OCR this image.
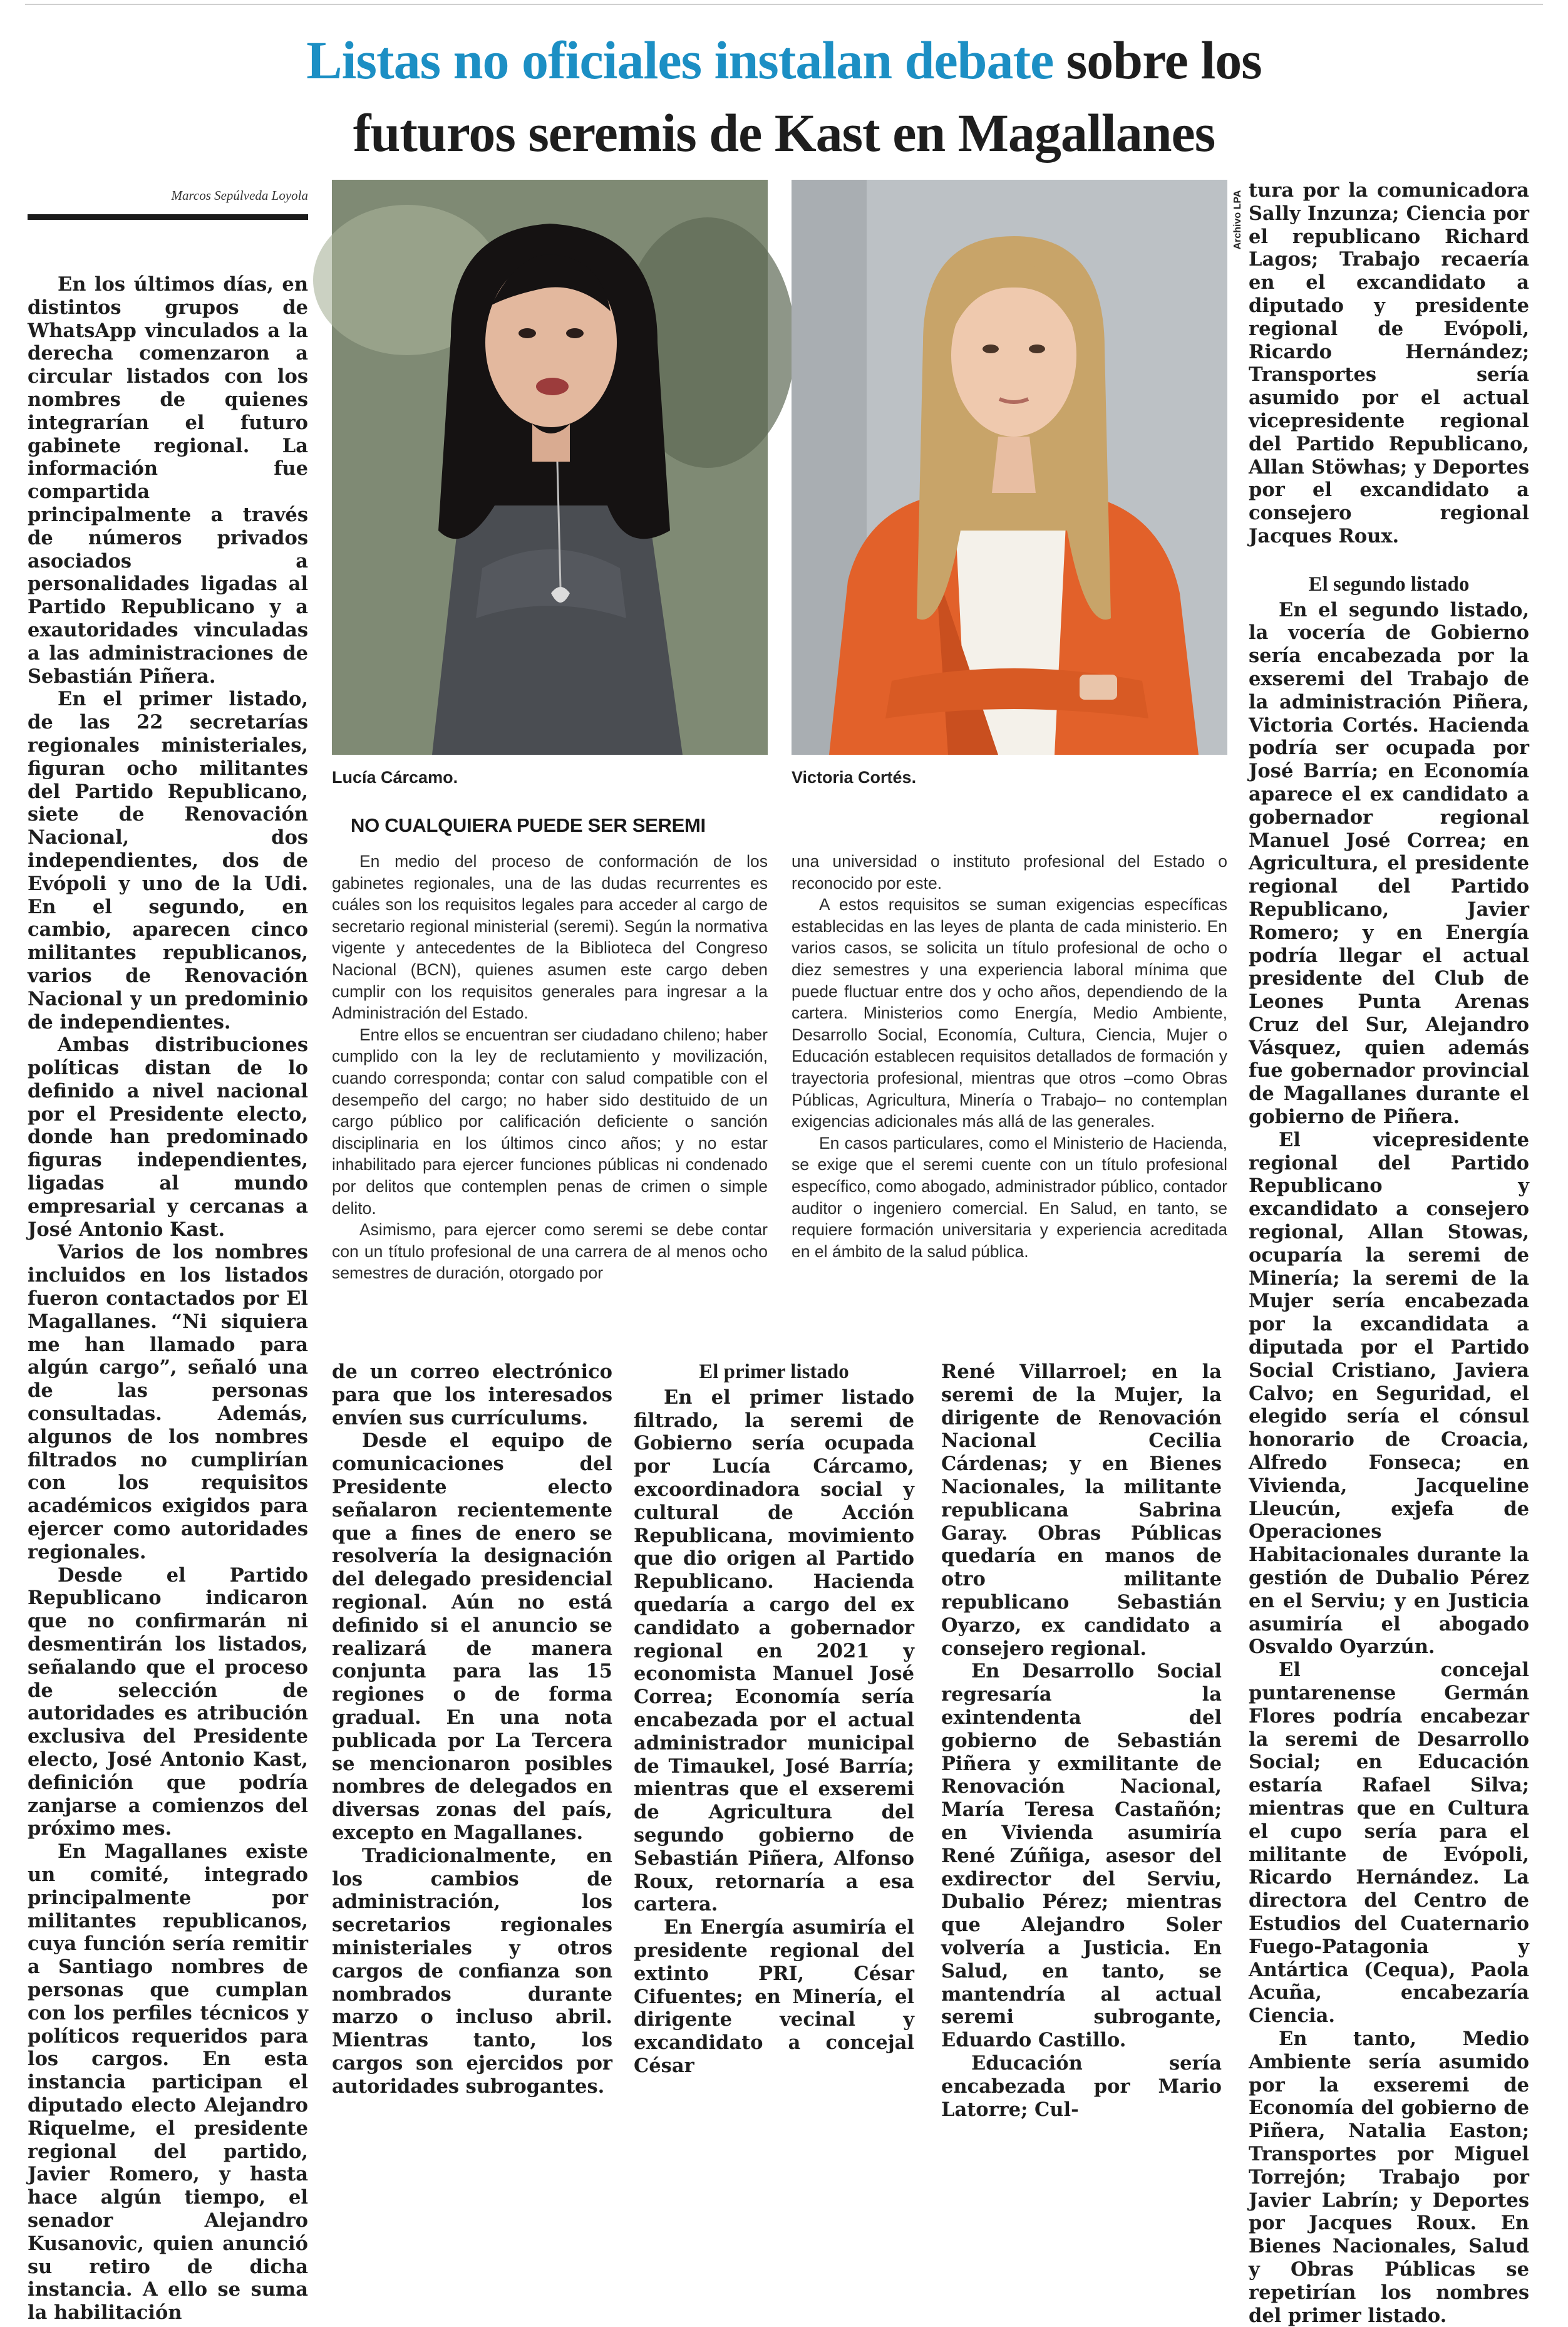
Listas no oficiales instalan debate sobre los
futuros seremis de Kast en Magallanes
Marcos Sepúlveda Loyola

En los últimos días, en distintos grupos de WhatsApp vinculados a la derecha comenzaron a circular listados con los nombres de quienes integrarían el futuro gabinete regional. La información fue compartida principalmente a través de números privados asociados a personalidades ligadas al Partido Republicano y a exautoridades vinculadas a las administraciones de Sebastián Piñera.

En el primer listado, de las 22 secretarías regionales ministeriales, figuran ocho militantes del Partido Republicano, siete de Renovación Nacional, dos independientes, dos de Evópoli y uno de la Udi. En el segundo, en cambio, aparecen cinco militantes republicanos, varios de Renovación Nacional y un predominio de independientes.

Ambas distribuciones políticas distan de lo definido a nivel nacional por el Presidente electo, donde han predominado figuras independientes, ligadas al mundo empresarial y cercanas a José Antonio Kast.

Varios de los nombres incluidos en los listados fueron contactados por El Magallanes. “Ni siquiera me han llamado para algún cargo”, señaló una de las personas consultadas. Además, algunos de los nombres filtrados no cumplirían con los requisitos académicos exigidos para ejercer como autoridades regionales.

Desde el Partido Republicano indicaron que no confirmarán ni desmentirán los listados, señalando que el proceso de selección de autoridades es atribución exclusiva del Presidente electo, José Antonio Kast, definición que podría zanjarse a comienzos del próximo mes.

En Magallanes existe un comité, integrado principalmente por militantes republicanos, cuya función sería remitir a Santiago nombres de personas que cumplan con los perfiles técnicos y políticos requeridos para los cargos. En esta instancia participan el diputado electo Alejandro Riquelme, el presidente regional del partido, Javier Romero, y hasta hace algún tiempo, el senador Alejandro Kusanovic, quien anunció su retiro de dicha instancia. A ello se suma la habilitación

Archivo LPA
Lucía Cárcamo.	Victoria Cortés.
NO CUALQUIERA PUEDE SER SEREMI

En medio del proceso de conformación de los gabinetes regionales, una de las dudas recurrentes es cuáles son los requisitos legales para acceder al cargo de secretario regional ministerial (seremi). Según la normativa vigente y antecedentes de la Biblioteca del Congreso Nacional (BCN), quienes asumen este cargo deben cumplir con los requisitos generales para ingresar a la Administración del Estado.

Entre ellos se encuentran ser ciudadano chileno; haber cumplido con la ley de reclutamiento y movilización, cuando corresponda; contar con salud compatible con el desempeño del cargo; no haber sido destituido de un cargo público por calificación deficiente o sanción disciplinaria en los últimos cinco años; y no estar inhabilitado para ejercer funciones públicas ni condenado por delitos que contemplen penas de crimen o simple delito.

Asimismo, para ejercer como seremi se debe contar con un título profesional de una carrera de al menos ocho semestres de duración, otorgado por

una universidad o instituto profesional del Estado o reconocido por este.

A estos requisitos se suman exigencias específicas establecidas en las leyes de planta de cada ministerio. En varios casos, se solicita un título profesional de ocho o diez semestres y una experiencia laboral mínima que puede fluctuar entre dos y ocho años, dependiendo de la cartera. Ministerios como Energía, Medio Ambiente, Desarrollo Social, Economía, Cultura, Ciencia, Mujer o Educación establecen requisitos detallados de formación y trayectoria profesional, mientras que otros –como Obras Públicas, Agricultura, Minería o Trabajo– no contemplan exigencias adicionales más allá de las generales.

En casos particulares, como el Ministerio de Hacienda, se exige que el seremi cuente con un título profesional específico, como abogado, administrador público, contador auditor o ingeniero comercial. En Salud, en tanto, se requiere formación universitaria y experiencia acreditada en el ámbito de la salud pública.

de un correo electrónico para que los interesados envíen sus currículums.

Desde el equipo de comunicaciones del Presidente electo señalaron recientemente que a fines de enero se resolvería la designación del delegado presidencial regional. Aún no está definido si el anuncio se realizará de manera conjunta para las 15 regiones o de forma gradual. En una nota publicada por La Tercera se mencionaron posibles nombres de delegados en diversas zonas del país, excepto en Magallanes.

Tradicionalmente, en los cambios de administración, los secretarios regionales ministeriales y otros cargos de confianza son nombrados durante marzo o incluso abril. Mientras tanto, los cargos son ejercidos por autoridades subrogantes.

El primer listado

En el primer listado filtrado, la seremi de Gobierno sería ocupada por Lucía Cárcamo, excoordinadora social y cultural de Acción Republicana, movimiento que dio origen al Partido Republicano. Hacienda quedaría a cargo del ex candidato a gobernador regional en 2021 y economista Manuel José Correa; Economía sería encabezada por el actual administrador municipal de Timaukel, José Barría; mientras que el exseremi de Agricultura del segundo gobierno de Sebastián Piñera, Alfonso Roux, retornaría a esa cartera.

En Energía asumiría el presidente regional del extinto PRI, César Cifuentes; en Minería, el dirigente vecinal y excandidato a concejal César

René Villarroel; en la seremi de la Mujer, la dirigente de Renovación Nacional Cecilia Cárdenas; y en Bienes Nacionales, la militante republicana Sabrina Garay. Obras Públicas quedaría en manos de otro militante republicano Sebastián Oyarzo, ex candidato a consejero regional.

En Desarrollo Social regresaría la exintendenta del gobierno de Sebastián Piñera y exmilitante de Renovación Nacional, María Teresa Castañón; en Vivienda asumiría René Zúñiga, asesor del exdirector del Serviu, Dubalio Pérez; mientras que Alejandro Soler volvería a Justicia. En Salud, en tanto, se mantendría al actual seremi subrogante, Eduardo Castillo.

Educación sería encabezada por Mario Latorre; Cul-

tura por la comunicadora Sally Inzunza; Ciencia por el republicano Richard Lagos; Trabajo recaería en el excandidato a diputado y presidente regional de Evópoli, Ricardo Hernández; Transportes sería asumido por el actual vicepresidente regional del Partido Republicano, Allan Stöwhas; y Deportes por el excandidato a consejero regional Jacques Roux.

El segundo listado

En el segundo listado, la vocería de Gobierno sería encabezada por la exseremi del Trabajo de la administración Piñera, Victoria Cortés. Hacienda podría ser ocupada por José Barría; en Economía aparece el ex candidato a gobernador regional Manuel José Correa; en Agricultura, el presidente regional del Partido Republicano, Javier Romero; y en Energía podría llegar el actual presidente del Club de Leones Punta Arenas Cruz del Sur, Alejandro Vásquez, quien además fue gobernador provincial de Magallanes durante el gobierno de Piñera.

El vicepresidente regional del Partido Republicano y excandidato a consejero regional, Allan Stowas, ocuparía la seremi de Minería; la seremi de la Mujer sería encabezada por la excandidata a diputada por el Partido Social Cristiano, Javiera Calvo; en Seguridad, el elegido sería el cónsul honorario de Croacia, Alfredo Fonseca; en Vivienda, Jacqueline Lleucún, exjefa de Operaciones Habitacionales durante la gestión de Dubalio Pérez en el Serviu; y en Justicia asumiría el abogado Osvaldo Oyarzún.

El concejal puntarenense Germán Flores podría encabezar la seremi de Desarrollo Social; en Educación estaría Rafael Silva; mientras que en Cultura el cupo sería para el militante de Evópoli, Ricardo Hernández. La directora del Centro de Estudios del Cuaternario Fuego-Patagonia y Antártica (Cequa), Paola Acuña, encabezaría Ciencia.

En tanto, Medio Ambiente sería asumido por la exseremi de Economía del gobierno de Piñera, Natalia Easton; Transportes por Miguel Torrejón; Trabajo por Javier Labrín; y Deportes por Jacques Roux. En Bienes Nacionales, Salud y Obras Públicas se repetirían los nombres del primer listado.
